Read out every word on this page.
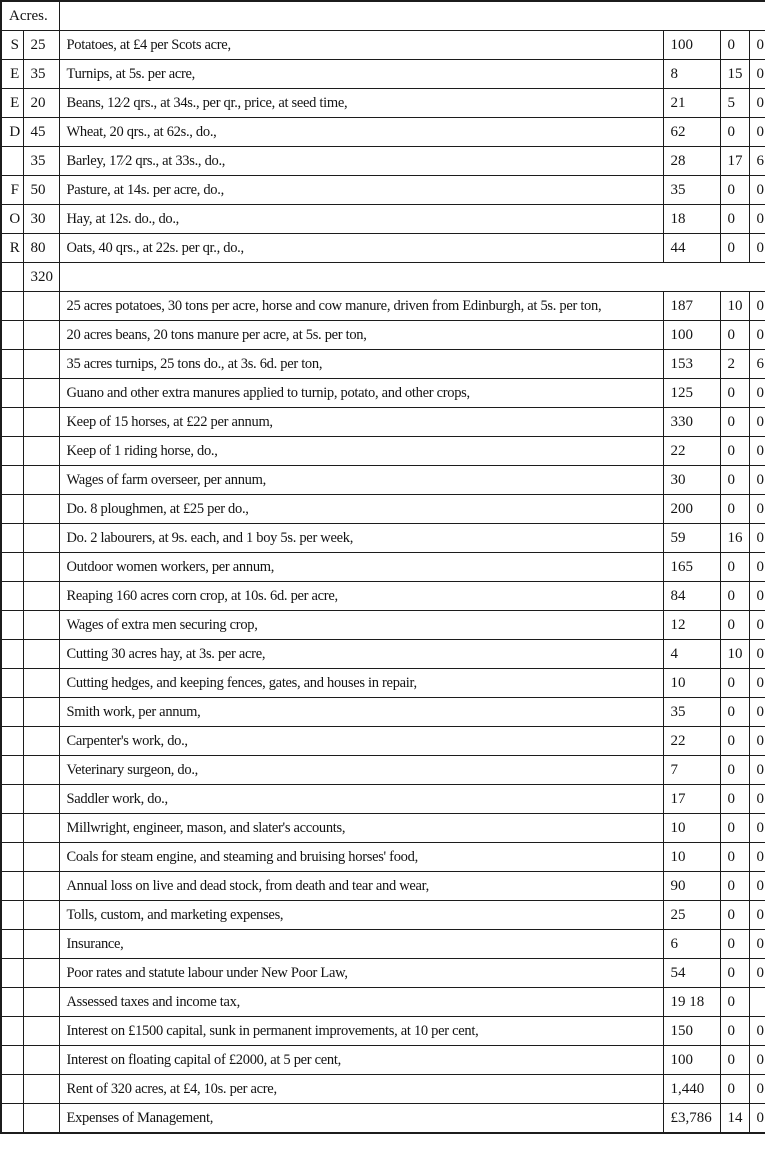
Acres.					
S	25	Potatoes, at £4 per Scots acre,	100	0	0
E	35	Turnips, at 5s. per acre,	8	15	0
E	20	Beans, 12⁄2 qrs., at 34s., per qr., price, at seed time,	21	5	0
D	45	Wheat, 20 qrs., at 62s., do.,	62	0	0
	35	Barley, 17⁄2 qrs., at 33s., do.,	28	17	6
F	50	Pasture, at 14s. per acre, do.,	35	0	0
O	30	Hay, at 12s. do., do.,	18	0	0
R	80	Oats, 40 qrs., at 22s. per qr., do.,	44	0	0
	320				
		25 acres potatoes, 30 tons per acre, horse and cow manure, driven from Edinburgh, at 5s. per ton,	187	10	0
		20 acres beans, 20 tons manure per acre, at 5s. per ton,	100	0	0
		35 acres turnips, 25 tons do., at 3s. 6d. per ton,	153	2	6
		Guano and other extra manures applied to turnip, potato, and other crops,	125	0	0
		Keep of 15 horses, at £22 per annum,	330	0	0
		Keep of 1 riding horse, do.,	22	0	0
		Wages of farm overseer, per annum,	30	0	0
		Do. 8 ploughmen, at £25 per do.,	200	0	0
		Do. 2 labourers, at 9s. each, and 1 boy 5s. per week,	59	16	0
		Outdoor women workers, per annum,	165	0	0
		Reaping 160 acres corn crop, at 10s. 6d. per acre,	84	0	0
		Wages of extra men securing crop,	12	0	0
		Cutting 30 acres hay, at 3s. per acre,	4	10	0
		Cutting hedges, and keeping fences, gates, and houses in repair,	10	0	0
		Smith work, per annum,	35	0	0
		Carpenter's work, do.,	22	0	0
		Veterinary surgeon, do.,	7	0	0
		Saddler work, do.,	17	0	0
		Millwright, engineer, mason, and slater's accounts,	10	0	0
		Coals for steam engine, and steaming and bruising horses' food,	10	0	0
		Annual loss on live and dead stock, from death and tear and wear,	90	0	0
		Tolls, custom, and marketing expenses,	25	0	0
		Insurance,	6	0	0
		Poor rates and statute labour under New Poor Law,	54	0	0
		Assessed taxes and income tax,	19 18	0	
		Interest on £1500 capital, sunk in permanent improvements, at 10 per cent,	150	0	0
		Interest on floating capital of £2000, at 5 per cent,	100	0	0
		Rent of 320 acres, at £4, 10s. per acre,	1,440	0	0
		Expenses of Management,	£3,786	14	0
